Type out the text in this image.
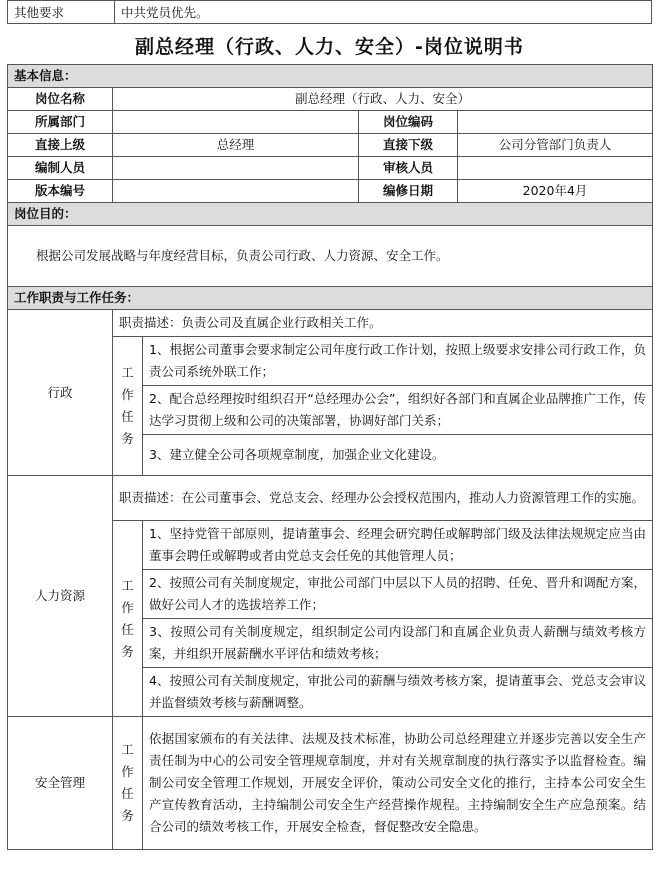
其他要求	中共党员优先。
副总经理（行政、人力、安全）-岗位说明书
基本信息：				
岗位名称	副总经理（行政、人力、安全）			
所属部门			岗位编码	
直接上级	总经理		直接下级	公司分管部门负责人
编制人员			审核人员	
版本编号			编修日期	2020年4月
岗位目的：				
根据公司发展战略与年度经营目标，负责公司行政、人力资源、安全工作。				
工作职责与工作任务：				
行政	职责描述：负责公司及直属企业行政相关工作。			

	工
作
任
务	1、根据公司董事会要求制定公司年度行政工作计划，按照上级要求安排公司行政工作，负责公司系统外联工作；		
		2、配合总经理按时组织召开“总经理办公会”，组织好各部门和直属企业品牌推广工作，传达学习贯彻上级和公司的决策部署，协调好部门关系；		
		3、建立健全公司各项规章制度，加强企业文化建设。		
人力资源	职责描述：在公司董事会、党总支会、经理办公会授权范围内，推动人力资源管理工作的实施。			

	工
作
任
务	1、坚持党管干部原则，提请董事会、经理会研究聘任或解聘部门级及法律法规规定应当由董事会聘任或解聘或者由党总支会任免的其他管理人员；		
		2、按照公司有关制度规定，审批公司部门中层以下人员的招聘、任免、晋升和调配方案，做好公司人才的选拔培养工作；		
		3、按照公司有关制度规定，组织制定公司内设部门和直属企业负责人薪酬与绩效考核方案，并组织开展薪酬水平评估和绩效考核；		
		4、按照公司有关制度规定，审批公司的薪酬与绩效考核方案，提请董事会、党总支会审议并监督绩效考核与薪酬调整。		
安全管理	工
作
任
务	依据国家颁布的有关法律、法规及技术标准，协助公司总经理建立并逐步完善以安全生产责任制为中心的公司安全管理规章制度，并对有关规章制度的执行落实予以监督检查。编制公司安全管理工作规划，开展安全评价，策动公司安全文化的推行，主持本公司安全生产宣传教育活动，主持编制公司安全生产经营操作规程。主持编制安全生产应急预案。结合公司的绩效考核工作，开展安全检查，督促整改安全隐患。		
